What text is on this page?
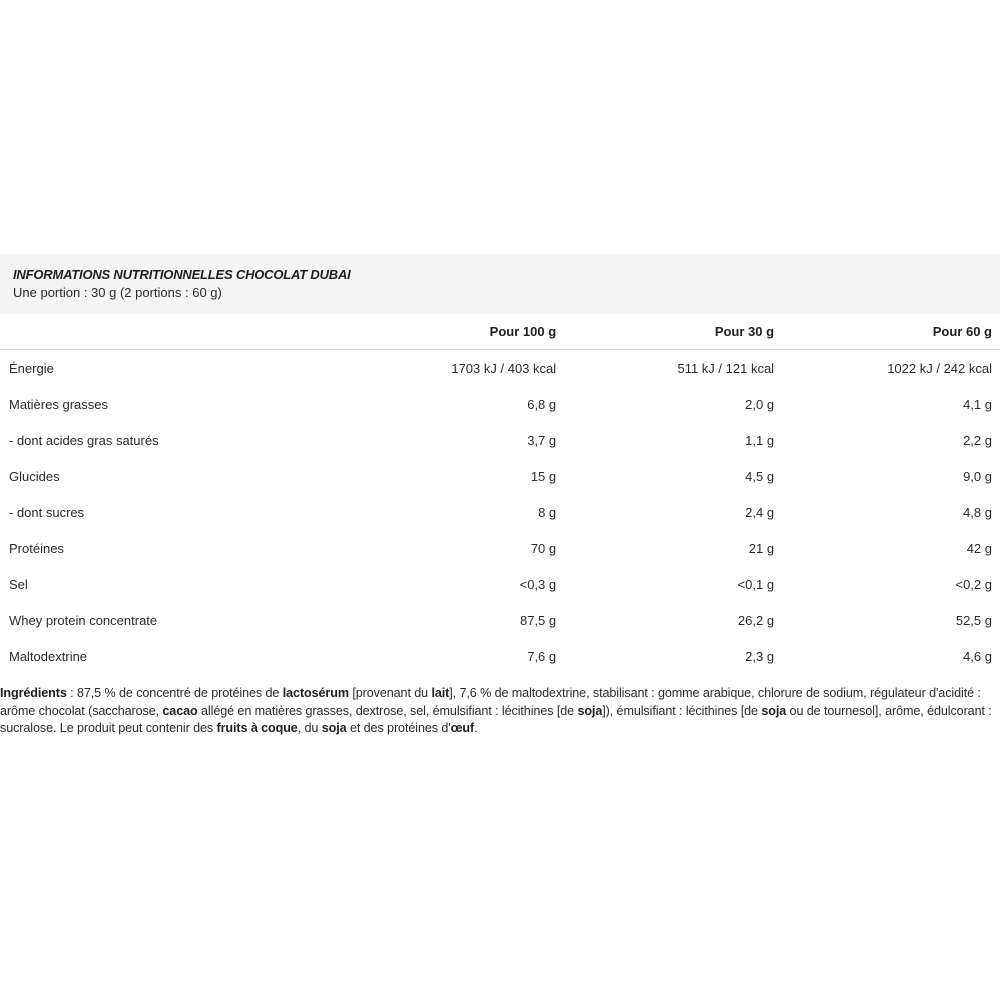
INFORMATIONS NUTRITIONNELLES CHOCOLAT DUBAI
Une portion : 30 g (2 portions : 60 g)
	Pour 100 g	Pour 30 g	Pour 60 g
Énergie	1703 kJ / 403 kcal	511 kJ / 121 kcal	1022 kJ / 242 kcal
Matières grasses	6,8 g	2,0 g	4,1 g
- dont acides gras saturés	3,7 g	1,1 g	2,2 g
Glucides	15 g	4,5 g	9,0 g
- dont sucres	8 g	2,4 g	4,8 g
Protéines	70 g	21 g	42 g
Sel	<0,3 g	<0,1 g	<0,2 g
Whey protein concentrate	87,5 g	26,2 g	52,5 g
Maltodextrine	7,6 g	2,3 g	4,6 g
Ingrédients : 87,5 % de concentré de protéines de lactosérum [provenant du lait], 7,6 % de maltodextrine, stabilisant : gomme arabique, chlorure de sodium, régulateur d'acidité : arôme chocolat (saccharose, cacao allégé en matières grasses, dextrose, sel, émulsifiant : lécithines [de soja]), émulsifiant : lécithines [de soja ou de tournesol], arôme, édulcorant : sucralose. Le produit peut contenir des fruits à coque, du soja et des protéines d'œuf.
